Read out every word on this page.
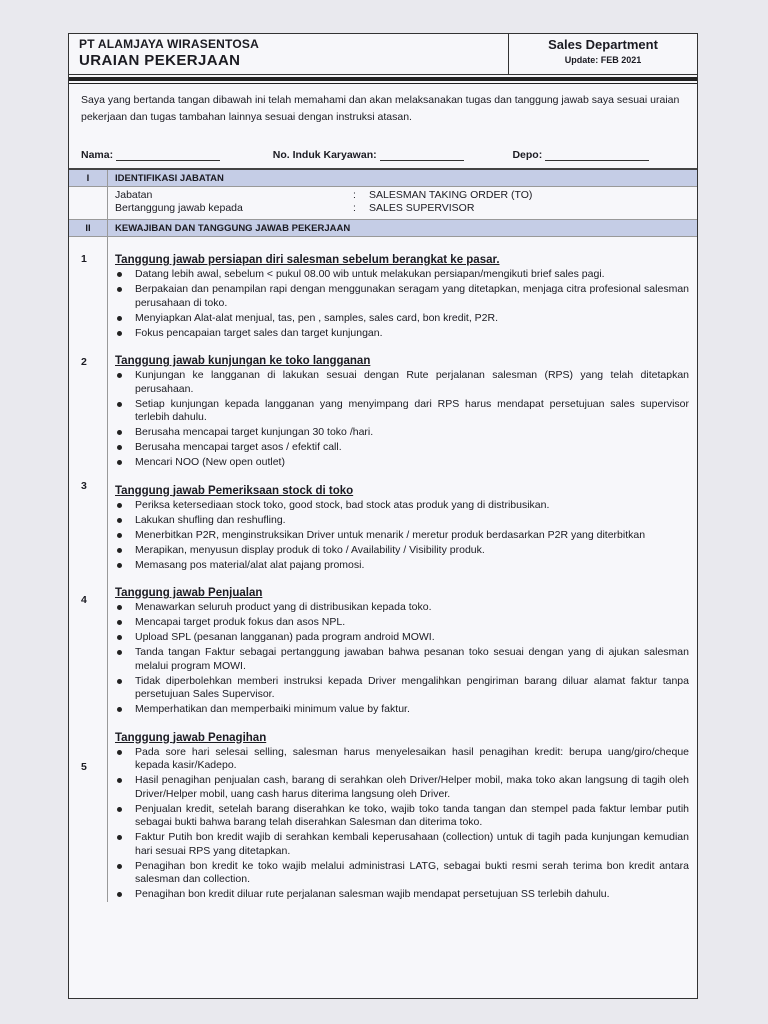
PT ALAMJAYA WIRASENTOSA
URAIAN PEKERJAAN
Sales Department
Update: FEB 2021
Saya yang bertanda tangan dibawah ini telah memahami dan akan melaksanakan tugas dan tanggung jawab saya sesuai uraian pekerjaan dan tugas tambahan lainnya sesuai dengan instruksi atasan.
Nama:	No. Induk Karyawan:	Depo:
I	IDENTIFIKASI JABATAN
Jabatan	:	SALESMAN TAKING ORDER (TO)
Bertanggung jawab kepada	:	SALES SUPERVISOR
II	KEWAJIBAN DAN TANGGUNG JAWAB PEKERJAAN
1 Tanggung jawab persiapan diri salesman sebelum berangkat ke pasar.
Datang lebih awal, sebelum < pukul 08.00 wib untuk melakukan persiapan/mengikuti brief sales pagi.
Berpakaian dan penampilan rapi dengan menggunakan seragam yang ditetapkan, menjaga citra profesional salesman perusahaan di toko.
Menyiapkan Alat-alat menjual, tas, pen , samples, sales card, bon kredit, P2R.
Fokus pencapaian target sales dan target kunjungan.
2 Tanggung jawab kunjungan ke toko langganan
Kunjungan ke langganan di lakukan sesuai dengan Rute perjalanan salesman (RPS) yang telah ditetapkan perusahaan.
Setiap kunjungan kepada langganan yang menyimpang dari RPS harus mendapat persetujuan sales supervisor terlebih dahulu.
Berusaha mencapai target kunjungan 30 toko /hari.
Berusaha mencapai target asos / efektif call.
Mencari NOO (New open outlet)
3 Tanggung jawab Pemeriksaan stock di toko
Periksa ketersediaan stock toko, good stock, bad stock atas produk yang di distribusikan.
Lakukan shufling dan reshufling.
Menerbitkan P2R, menginstruksikan Driver untuk menarik / meretur produk berdasarkan P2R yang diterbitkan
Merapikan, menyusun display produk di toko / Availability / Visibility produk.
Memasang pos material/alat alat pajang promosi.
4
Tanggung jawab Penjualan
Menawarkan seluruh product yang di distribusikan kepada toko.
Mencapai target produk fokus dan asos NPL.
Upload SPL (pesanan langganan) pada program android MOWI.
Tanda tangan Faktur sebagai pertanggung jawaban bahwa pesanan toko sesuai dengan yang di ajukan salesman melalui program MOWI.
Tidak diperbolehkan memberi instruksi kepada Driver mengalihkan pengiriman barang diluar alamat faktur tanpa persetujuan Sales Supervisor.
Memperhatikan dan memperbaiki minimum value by faktur.
5
Tanggung jawab Penagihan
Pada sore hari selesai selling, salesman harus menyelesaikan hasil penagihan kredit: berupa uang/giro/cheque kepada kasir/Kadepo.
Hasil penagihan penjualan cash, barang di serahkan oleh Driver/Helper mobil, maka toko akan langsung di tagih oleh Driver/Helper mobil, uang cash harus diterima langsung oleh Driver.
Penjualan kredit, setelah barang diserahkan ke toko, wajib toko tanda tangan dan stempel pada faktur lembar putih sebagai bukti bahwa barang telah diserahkan Salesman dan diterima toko.
Faktur Putih bon kredit wajib di serahkan kembali keperusahaan (collection) untuk di tagih pada kunjungan kemudian hari sesuai RPS yang ditetapkan.
Penagihan bon kredit ke toko wajib melalui administrasi LATG, sebagai bukti resmi serah terima bon kredit antara salesman dan collection.
Penagihan bon kredit diluar rute perjalanan salesman wajib mendapat persetujuan SS terlebih dahulu.
